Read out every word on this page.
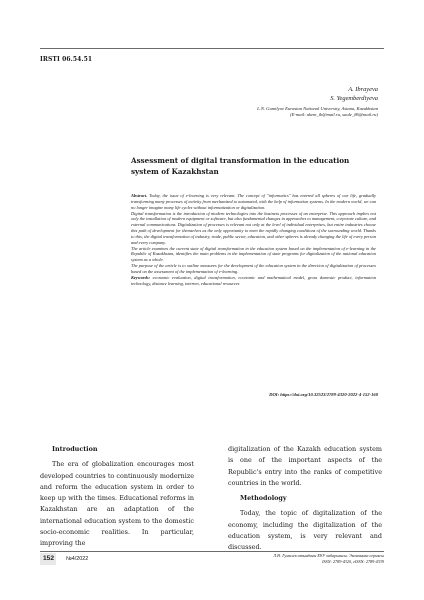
IRSTI 06.54.51
A. Ibrayeva
S. Yegemberdiyeva
L.N. Gumilyov Eurasian National University, Astana, Kazakhstan
(E-mail: akem_ib@mail.ru, saule_86@mail.ru)
Assessment of digital transformation in the education system of Kazakhstan

Abstract. Today, the issue of e-learning is very relevant. The concept of "informatics" has entered all spheres of our life, gradually transforming many processes of activity from mechanized to automated, with the help of information systems. In the modern world, we can no longer imagine many life cycles without informatization or digitalization.

Digital transformation is the introduction of modern technologies into the business processes of an enterprise. This approach implies not only the installation of modern equipment or software, but also fundamental changes in approaches to management, corporate culture, and external communications. Digitalization of processes is relevant not only at the level of individual enterprises, but entire industries choose this path of development for themselves as the only opportunity to meet the rapidly changing conditions of the surrounding world. Thanks to this, the digital transformation of industry, trade, public sector, education, and other spheres is already changing the life of every person and every company.

The article examines the current state of digital transformation in the education system based on the implementation of e-learning in the Republic of Kazakhstan, identifies the main problems in the implementation of state programs for digitalization of the national education system as a whole.

The purpose of the article is to outline measures for the development of the education system in the direction of digitalization of processes based on the assessment of the implementation of e-learning.

Keywords: economic evaluation, digital transformation, economic and mathematical model, gross domestic product, information technology, distance learning, internet, educational resources

DOI: https://doi.org/10.32523/2789-4320-2022-4-152-160

Introduction

The era of globalization encourages most developed countries to continuously modernize and reform the education system in order to keep up with the times. Educational reforms in Kazakhstan are an adaptation of the international education system to the domestic socio-economic realities. In particular, improving the

digitalization of the Kazakh education system is one of the important aspects of the Republic's entry into the ranks of competitive countries in the world.

Methodology

Today, the topic of digitalization of the economy, including the digitalization of the education system, is very relevant and discussed.

152 №4/2022
Л.Н. Гумилев атындағы ЕҰУ хабаршысы. Экономика сериясы
ISSN: 2789-4320, eISSN: 2789-4339
